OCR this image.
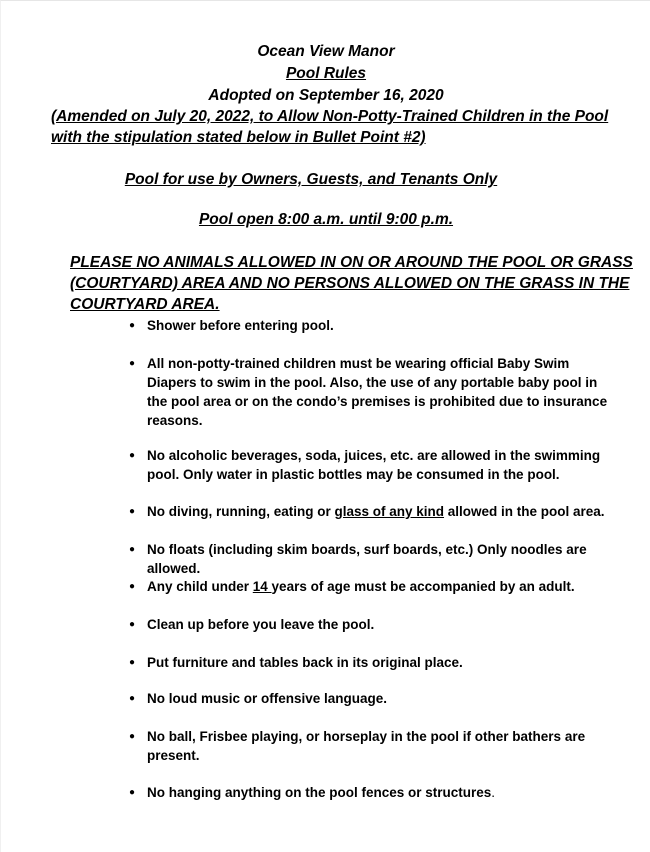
Ocean View Manor
Pool Rules
Adopted on September 16, 2020
(Amended on July 20, 2022, to Allow Non-Potty-Trained Children in the Pool
with the stipulation stated below in Bullet Point #2)
Pool for use by Owners, Guests, and Tenants Only
Pool open 8:00 a.m. until 9:00 p.m.
PLEASE NO ANIMALS ALLOWED IN ON OR AROUND THE POOL OR GRASS
(COURTYARD) AREA AND NO PERSONS ALLOWED ON THE GRASS IN THE
COURTYARD AREA.
● Shower before entering pool.
● All non-potty-trained children must be wearing official Baby Swim
Diapers to swim in the pool. Also, the use of any portable baby pool in
the pool area or on the condo’s premises is prohibited due to insurance
reasons.
● No alcoholic beverages, soda, juices, etc. are allowed in the swimming
pool. Only water in plastic bottles may be consumed in the pool.
● No diving, running, eating or glass of any kind allowed in the pool area.
● No floats (including skim boards, surf boards, etc.) Only noodles are
allowed.
● Any child under 14 years of age must be accompanied by an adult.
● Clean up before you leave the pool.
● Put furniture and tables back in its original place.
● No loud music or offensive language.
● No ball, Frisbee playing, or horseplay in the pool if other bathers are
present.
● No hanging anything on the pool fences or structures.
